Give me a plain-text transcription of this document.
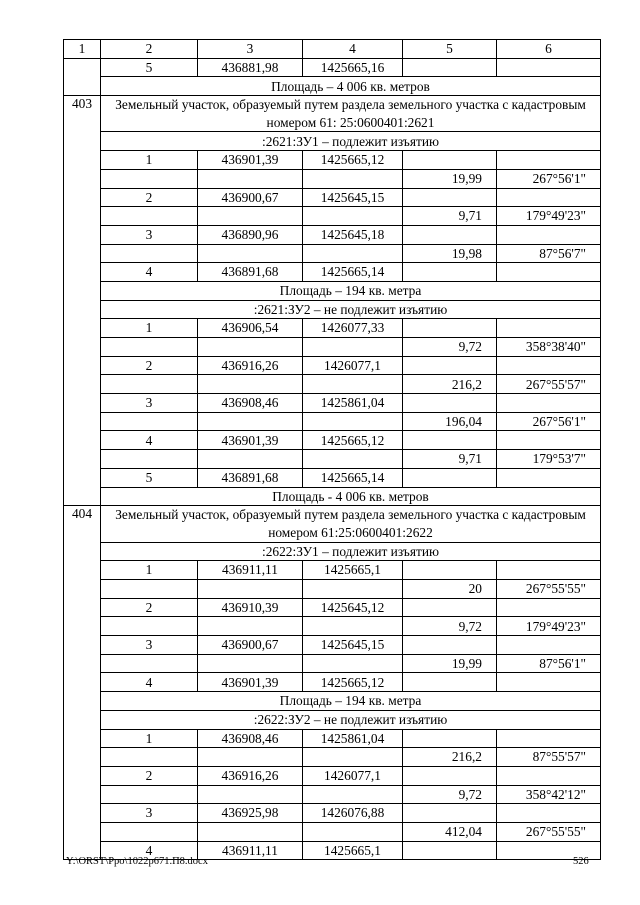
1	2	3	4	5	6
	5	436881,98	1425665,16		
	Площадь – 4 006 кв. метров				
403	Земельный участок, образуемый путем раздела земельного участка с кадастровым номером 61: 25:0600401:2621				

	:2621:ЗУ1 – подлежит изъятию				
	1	436901,39	1425665,12		
				19,99	267°56'1"
	2	436900,67	1425645,15		
				9,71	179°49'23"
	3	436890,96	1425645,18		
				19,98	87°56'7"
	4	436891,68	1425665,14		
	Площадь – 194 кв. метра				
	:2621:ЗУ2 – не подлежит изъятию				
	1	436906,54	1426077,33		
				9,72	358°38'40"
	2	436916,26	1426077,1		
				216,2	267°55'57"
	3	436908,46	1425861,04		
				196,04	267°56'1"
	4	436901,39	1425665,12		
				9,71	179°53'7"
	5	436891,68	1425665,14		
	Площадь - 4 006 кв. метров				
404	Земельный участок, образуемый путем раздела земельного участка с кадастровым номером 61:25:0600401:2622				

	:2622:ЗУ1 – подлежит изъятию				
	1	436911,11	1425665,1		
				20	267°55'55"
	2	436910,39	1425645,12		
				9,72	179°49'23"
	3	436900,67	1425645,15		
				19,99	87°56'1"
	4	436901,39	1425665,12		
	Площадь – 194 кв. метра				
	:2622:ЗУ2 – не подлежит изъятию				
	1	436908,46	1425861,04		
				216,2	87°55'57"
	2	436916,26	1426077,1		
				9,72	358°42'12"
	3	436925,98	1426076,88		
				412,04	267°55'55"
	4	436911,11	1425665,1		
Y:\ORST\Ppo\1022p671.П8.docx	526
